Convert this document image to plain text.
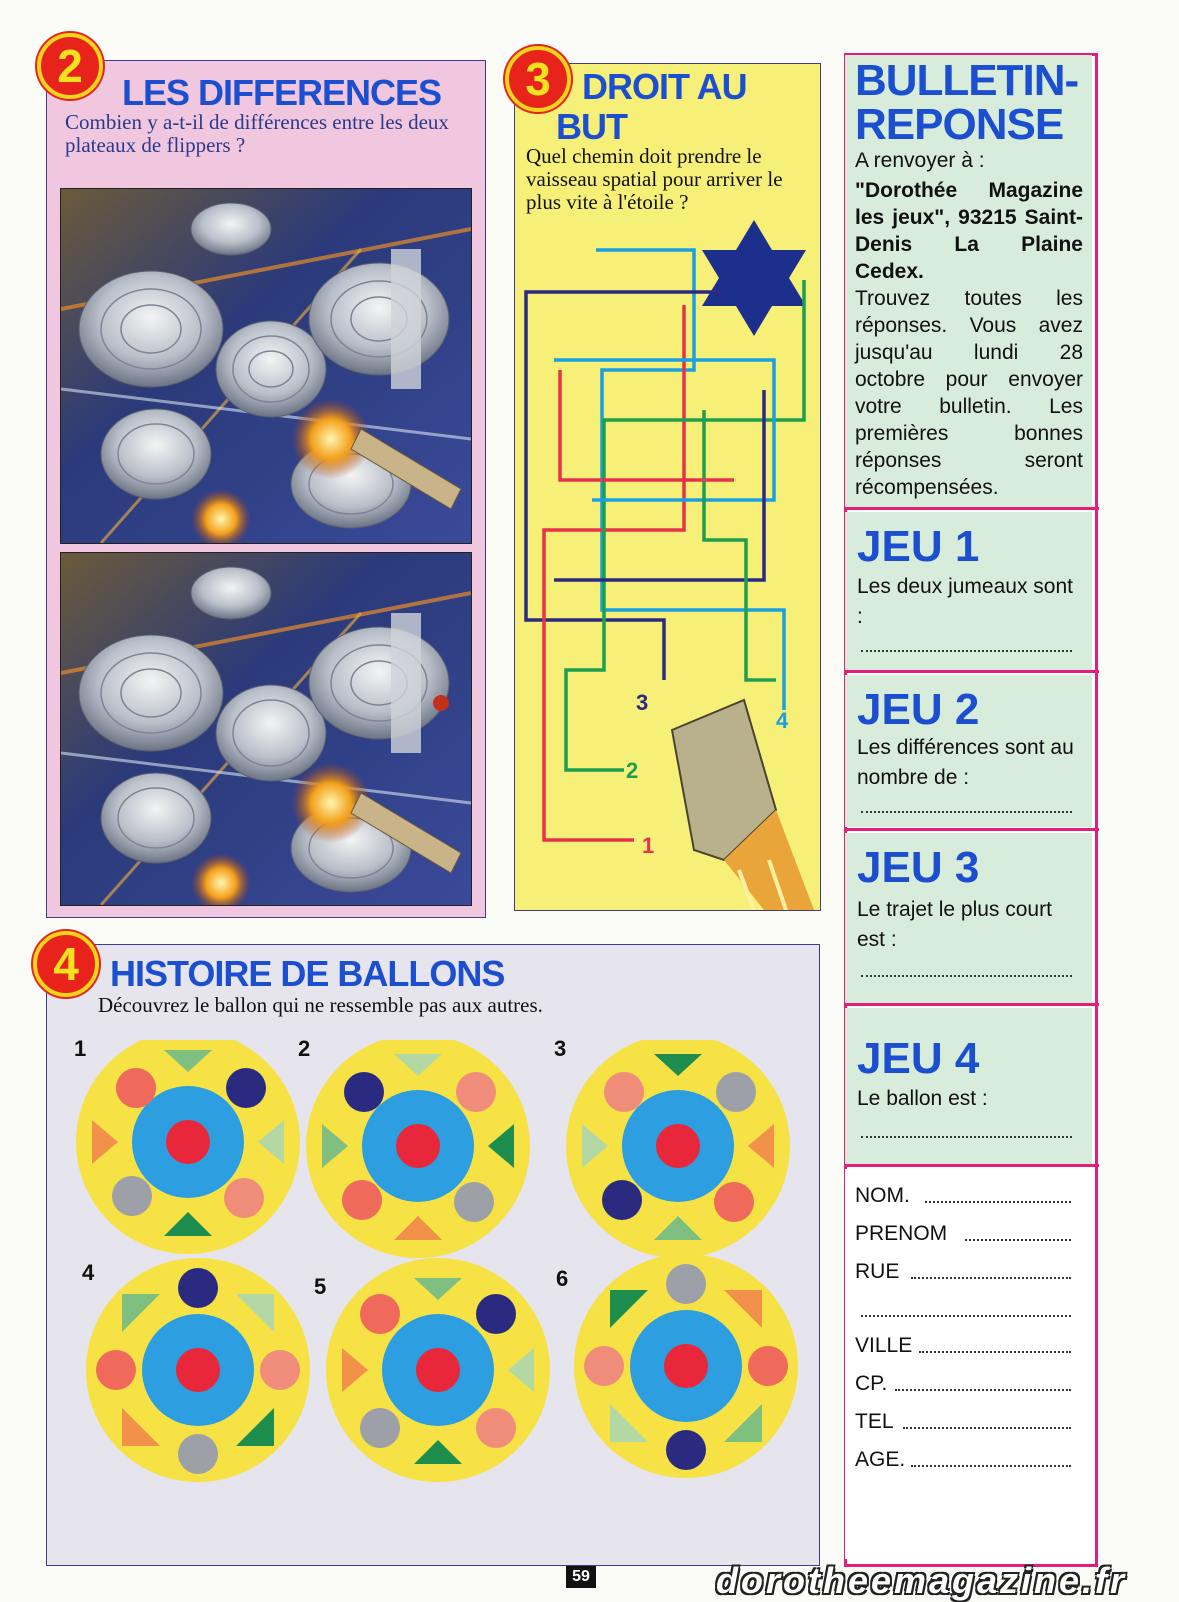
2
LES DIFFERENCES
Combien y a-t-il de différences entre les deux plateaux de flippers ?
3 DROIT AU
BUT
Quel chemin doit prendre le vaisseau spatial pour arriver le plus vite à l'étoile ?
3
4
2
1
4 HISTOIRE DE BALLONS
Découvrez le ballon qui ne ressemble pas aux autres.
1	2	3
4
5	6
BULLETIN-
REPONSE
A renvoyer à :
"Dorothée Magazine les jeux", 93215 Saint-Denis La Plaine Cedex.
Trouvez toutes les réponses. Vous avez jusqu'au lundi 28 octobre pour envoyer votre bulletin. Les premières bonnes réponses seront récompensées.
JEU 1
Les deux jumeaux sont :
JEU 2
Les différences sont au nombre de :
JEU 3
Le trajet le plus court est :
JEU 4
Le ballon est :
NOM.
PRENOM
RUE
VILLE
CP.
TEL
AGE.
59	dorotheemagazine.fr
